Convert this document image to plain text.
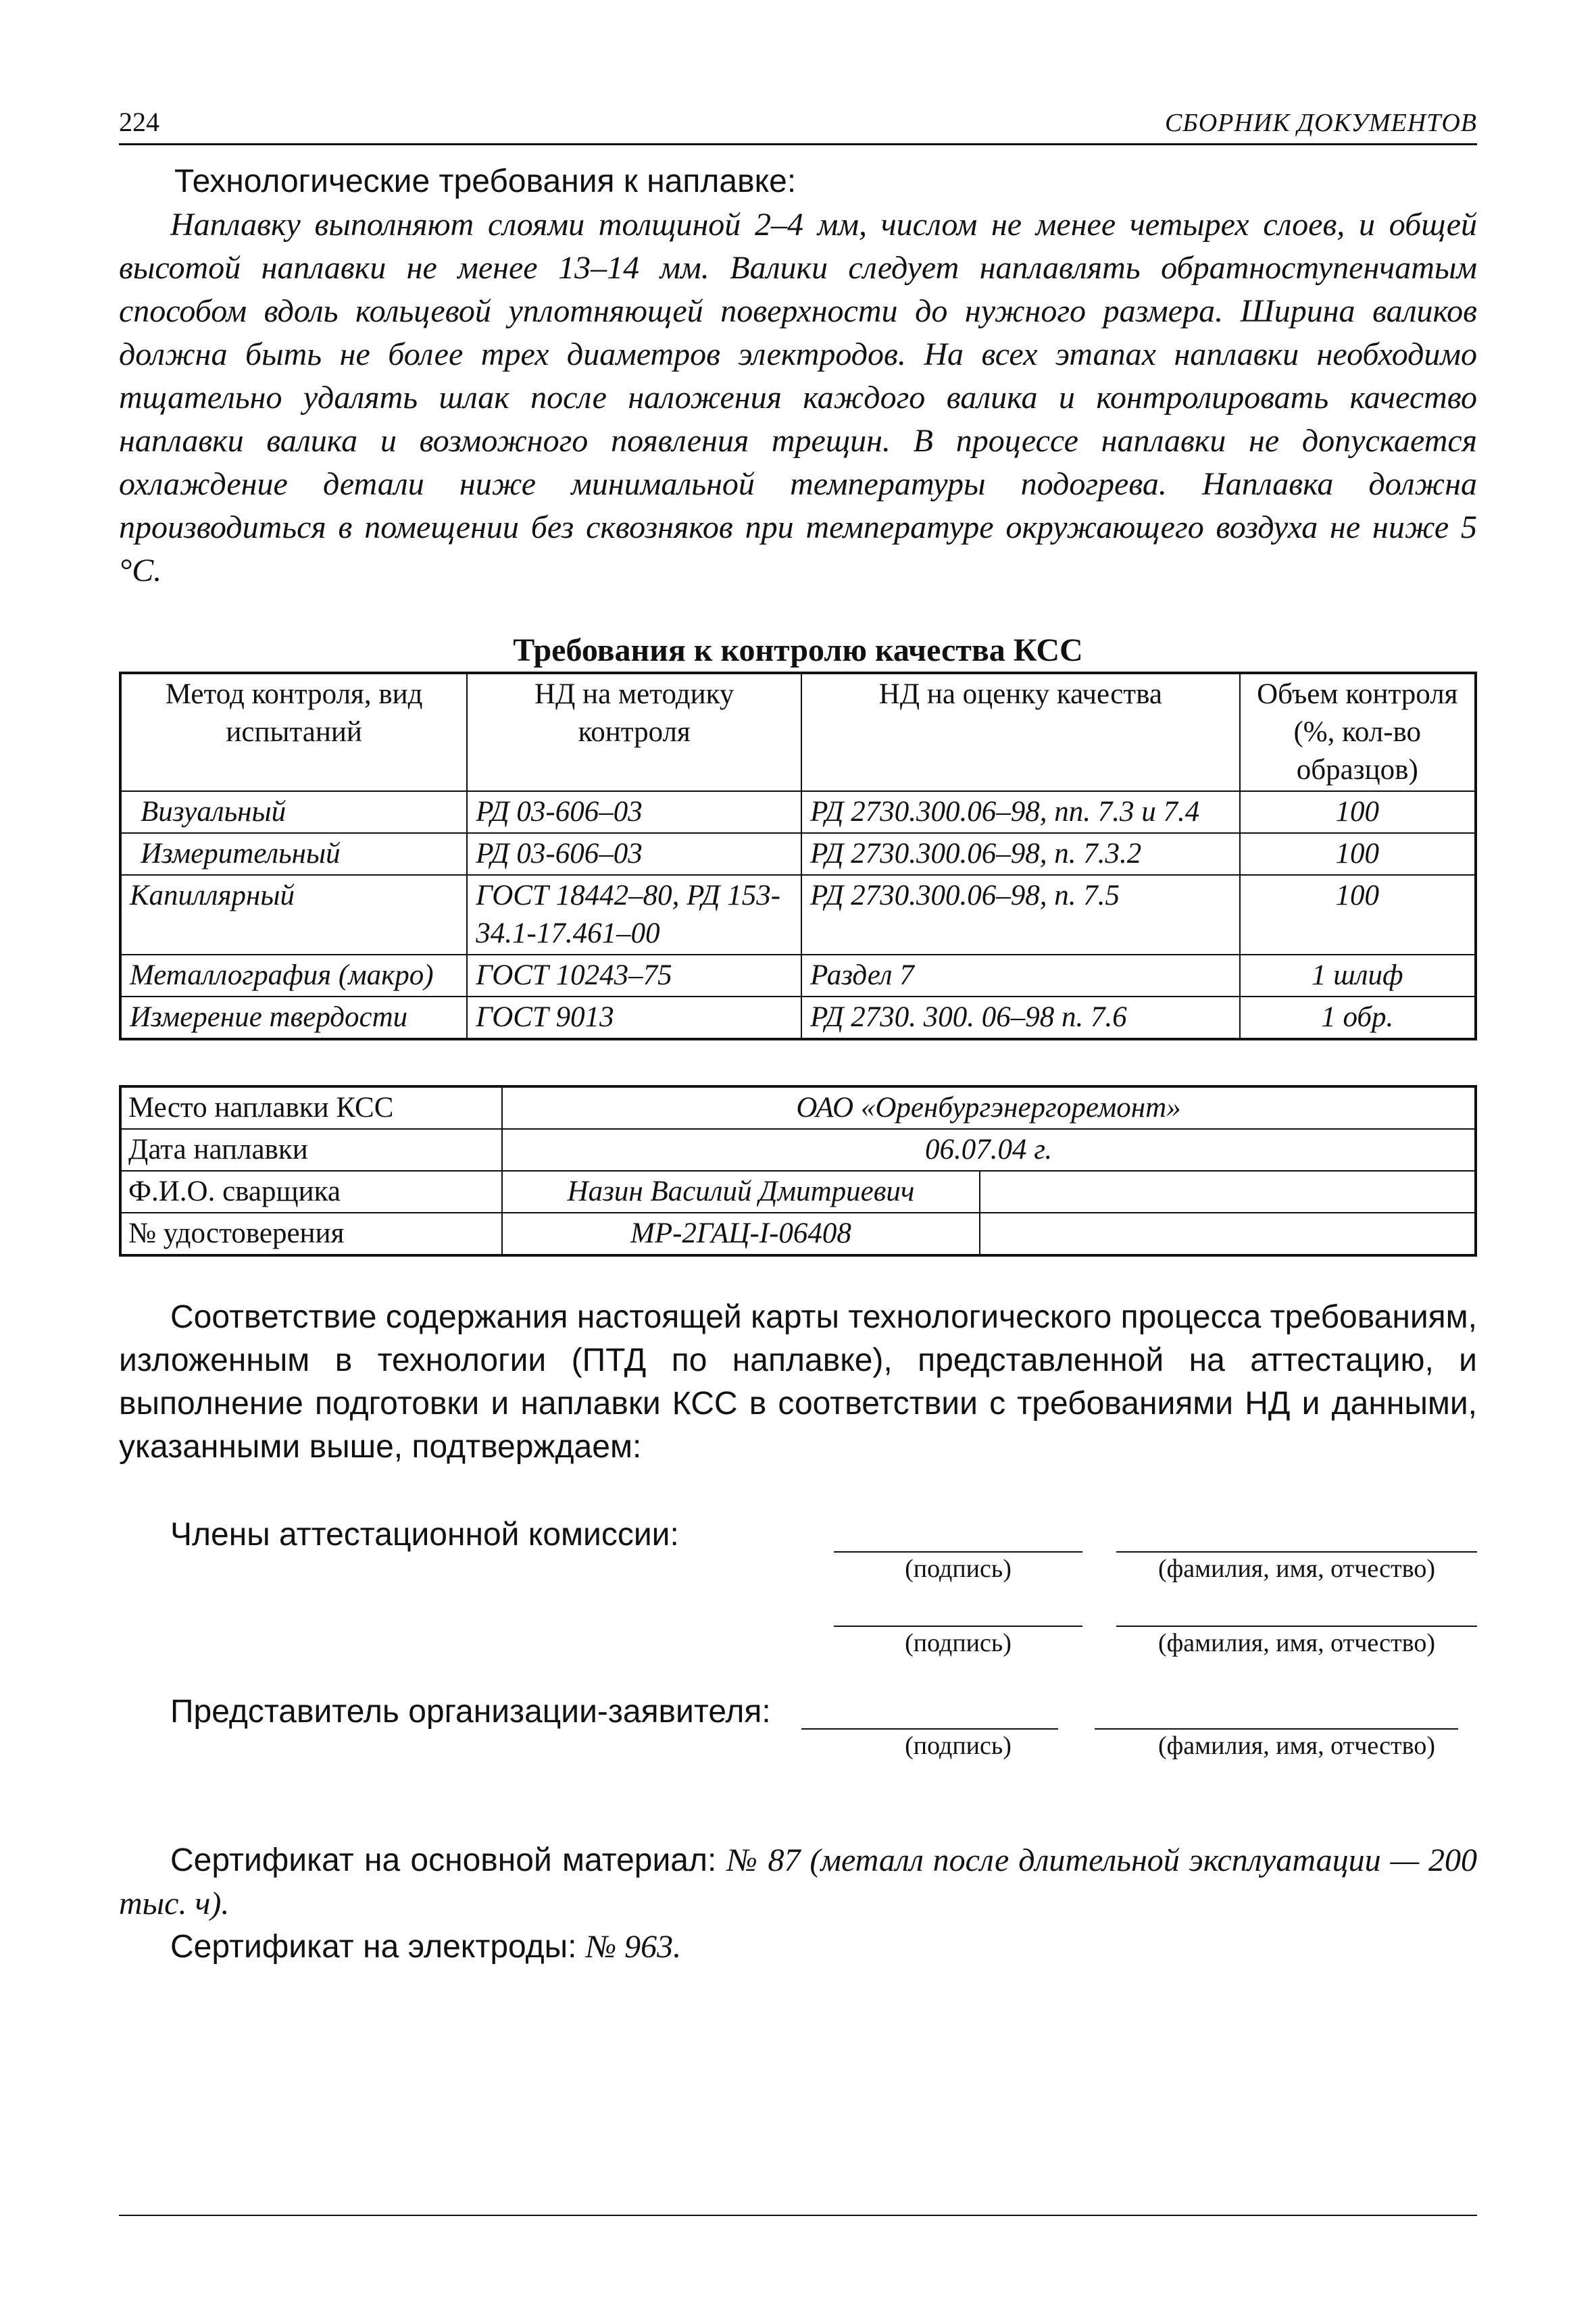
224	СБОРНИК ДОКУМЕНТОВ
Технологические требования к наплавке:

Наплавку выполняют слоями толщиной 2–4 мм, числом не менее четырех слоев, и общей высотой наплавки не менее 13–14 мм. Валики следует наплавлять обратноступенчатым способом вдоль кольцевой уплотняющей поверхности до нужного размера. Ширина валиков должна быть не более трех диаметров электродов. На всех этапах наплавки необходимо тщательно удалять шлак после наложения каждого валика и контролировать качество наплавки валика и возможного появления трещин. В процессе наплавки не допускается охлаждение детали ниже минимальной температуры подогрева. Наплавка должна производиться в помещении без сквозняков при температуре окружающего воздуха не ниже 5 °С.

Требования к контролю качества КСС
Метод контроля, вид испытаний	НД на методику контроля	НД на оценку качества	Объем контроля (%, кол-во образцов)
Визуальный	РД 03-606–03	РД 2730.300.06–98, пп. 7.3 и 7.4	100
Измерительный	РД 03-606–03	РД 2730.300.06–98, п. 7.3.2	100
Капиллярный	ГОСТ 18442–80, РД 153-34.1-17.461–00	РД 2730.300.06–98, п. 7.5	100
Металлография (макро)	ГОСТ 10243–75	Раздел 7	1 шлиф
Измерение твердости	ГОСТ 9013	РД 2730. 300. 06–98 п. 7.6	1 обр.
Место наплавки КСС	ОАО «Оренбургэнергоремонт»	
Дата наплавки	06.07.04 г.	
Ф.И.О. сварщика	Назин Василий Дмитриевич	
№ удостоверения	МР-2ГАЦ-I-06408	

Соответствие содержания настоящей карты технологического процесса требованиям, изложенным в технологии (ПТД по наплавке), представленной на аттестацию, и выполнение подготовки и наплавки КСС в соответствии с требованиями НД и данными, указанными выше, подтверждаем:

Члены аттестационной комиссии:
(подпись)	(фамилия, имя, отчество)
(подпись)	(фамилия, имя, отчество)
Представитель организации-заявителя:
(подпись)	(фамилия, имя, отчество)

Сертификат на основной материал: № 87 (металл после длительной эксплуатации — 200 тыс. ч).

Сертификат на электроды: № 963.
